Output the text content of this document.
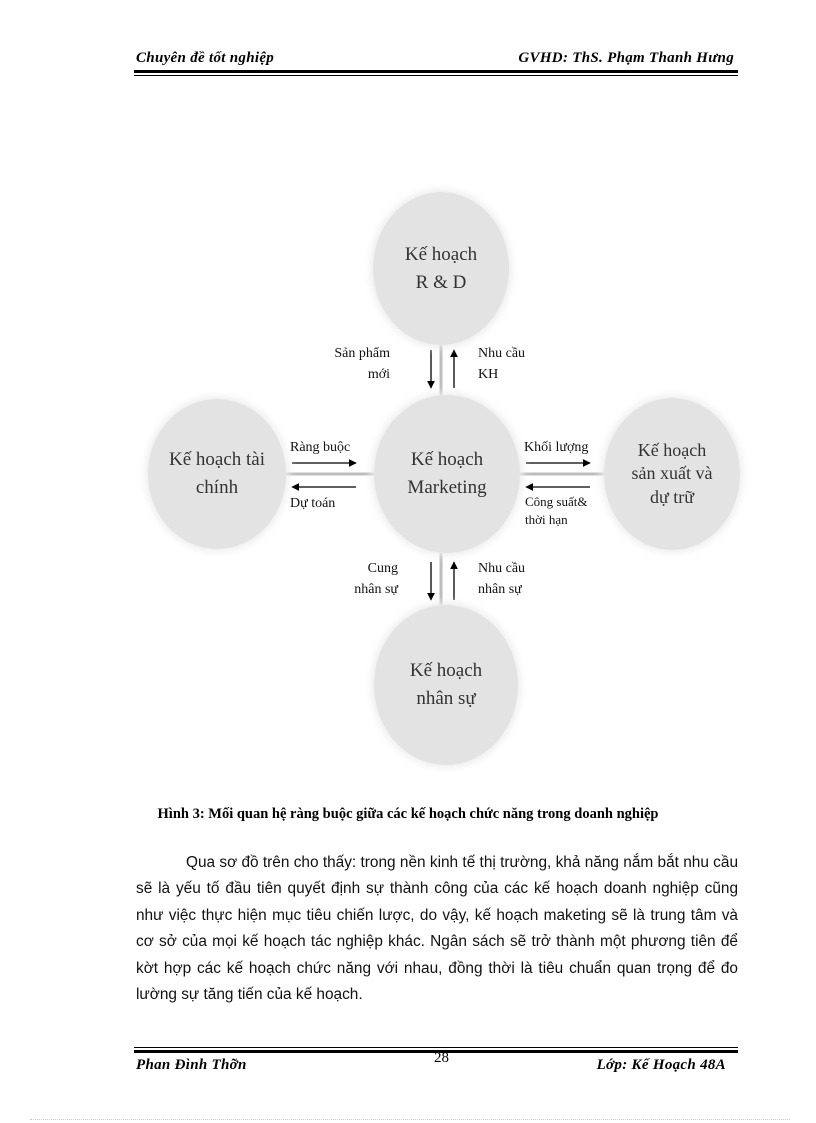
Chuyên đề tốt nghiệp	GVHD: ThS. Phạm Thanh Hưng
Kế hoạch
R & D
Kế hoạch
Marketing
Kế hoạch tài
chính
Kế hoạch
sản xuất và
dự trữ
Kế hoạch
nhân sự
Sản phẩm
mới
Nhu cầu
KH
Ràng buộc
Dự toán
Khối lượng
Công suất&
thời hạn
Cung
nhân sự
Nhu cầu
nhân sự
Hình 3: Mối quan hệ ràng buộc giữa các kế hoạch chức năng trong doanh nghiệp

Qua sơ đồ trên cho thấy: trong nền kinh tế thị trường, khả năng nắm bắt nhu cầu sẽ là yếu tố đầu tiên quyết định sự thành công của các kế hoạch doanh nghiệp cũng như việc thực hiện mục tiêu chiến lược, do vậy, kế hoạch maketing sẽ là trung tâm và cơ sở của mọi kế hoạch tác nghiệp khác. Ngân sách sẽ trở thành một phương tiên để kờt hợp các kế hoạch chức năng với nhau, đồng thời là tiêu chuẩn quan trọng để đo lường sự tăng tiến của kế hoạch.

Phan Đình Thỡn	28	Lớp: Kế Hoạch 48A
